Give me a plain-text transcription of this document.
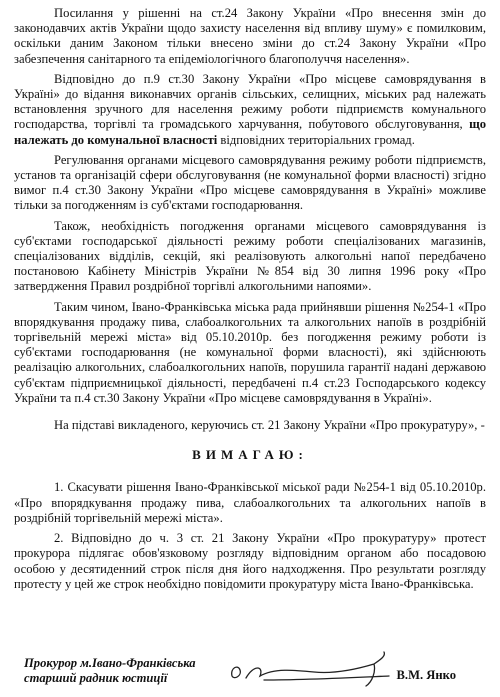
Посилання у рішенні на ст.24 Закону України «Про внесення змін до законодавчих актів України щодо захисту населення від впливу шуму» є помилковим, оскільки даним Законом тільки внесено зміни до ст.24 Закону України «Про забезпечення санітарного та епідеміологічного благополуччя населення».

Відповідно до п.9 ст.30 Закону України «Про місцеве самоврядування в Україні» до відання виконавчих органів сільських, селищних, міських рад належать встановлення зручного для населення режиму роботи підприємств комунального господарства, торгівлі та громадського харчування, побутового обслуговування, що належать до комунальної власності відповідних територіальних громад.

Регулювання органами місцевого самоврядування режиму роботи підприємств, установ та організацій сфери обслуговування (не комунальної форми власності) згідно вимог п.4 ст.30 Закону України «Про місцеве самоврядування в Україні» можливе тільки за погодженням із суб'єктами господарювання.

Також, необхідність погодження органами місцевого самоврядування із суб'єктами господарської діяльності режиму роботи спеціалізованих магазинів, спеціалізованих відділів, секцій, які реалізовують алкогольні напої передбачено постановою Кабінету Міністрів України №854 від 30 липня 1996 року «Про затвердження Правил роздрібної торгівлі алкогольними напоями».

Таким чином, Івано-Франківська міська рада прийнявши рішення №254-1 «Про впорядкування продажу пива, слабоалкогольних та алкогольних напоїв в роздрібній торгівельній мережі міста» від 05.10.2010р. без погодження режиму роботи із суб'єктами господарювання (не комунальної форми власності), які здійснюють реалізацію алкогольних, слабоалкогольних напоїв, порушила гарантії надані державою суб'єктам підприємницької діяльності, передбачені п.4 ст.23 Господарського кодексу України та п.4 ст.30 Закону України «Про місцеве самоврядування в Україні».

На підставі викладеного, керуючись ст. 21 Закону України «Про прокуратуру», -

ВИМАГАЮ:

1. Скасувати рішення Івано-Франківської міської ради №254-1 від 05.10.2010р. «Про впорядкування продажу пива, слабоалкогольних та алкогольних напоїв в роздрібній торгівельній мережі міста».

2. Відповідно до ч. 3 ст. 21 Закону України «Про прокуратуру» протест прокурора підлягає обов'язковому розгляду відповідним органом або посадовою особою у десятиденний строк після дня його надходження. Про результати розгляду протесту у цей же строк необхідно повідомити прокуратуру міста Івано-Франківська.

Прокурор м.Івано-Франківська
старший радник юстиції	В.М. Янко
